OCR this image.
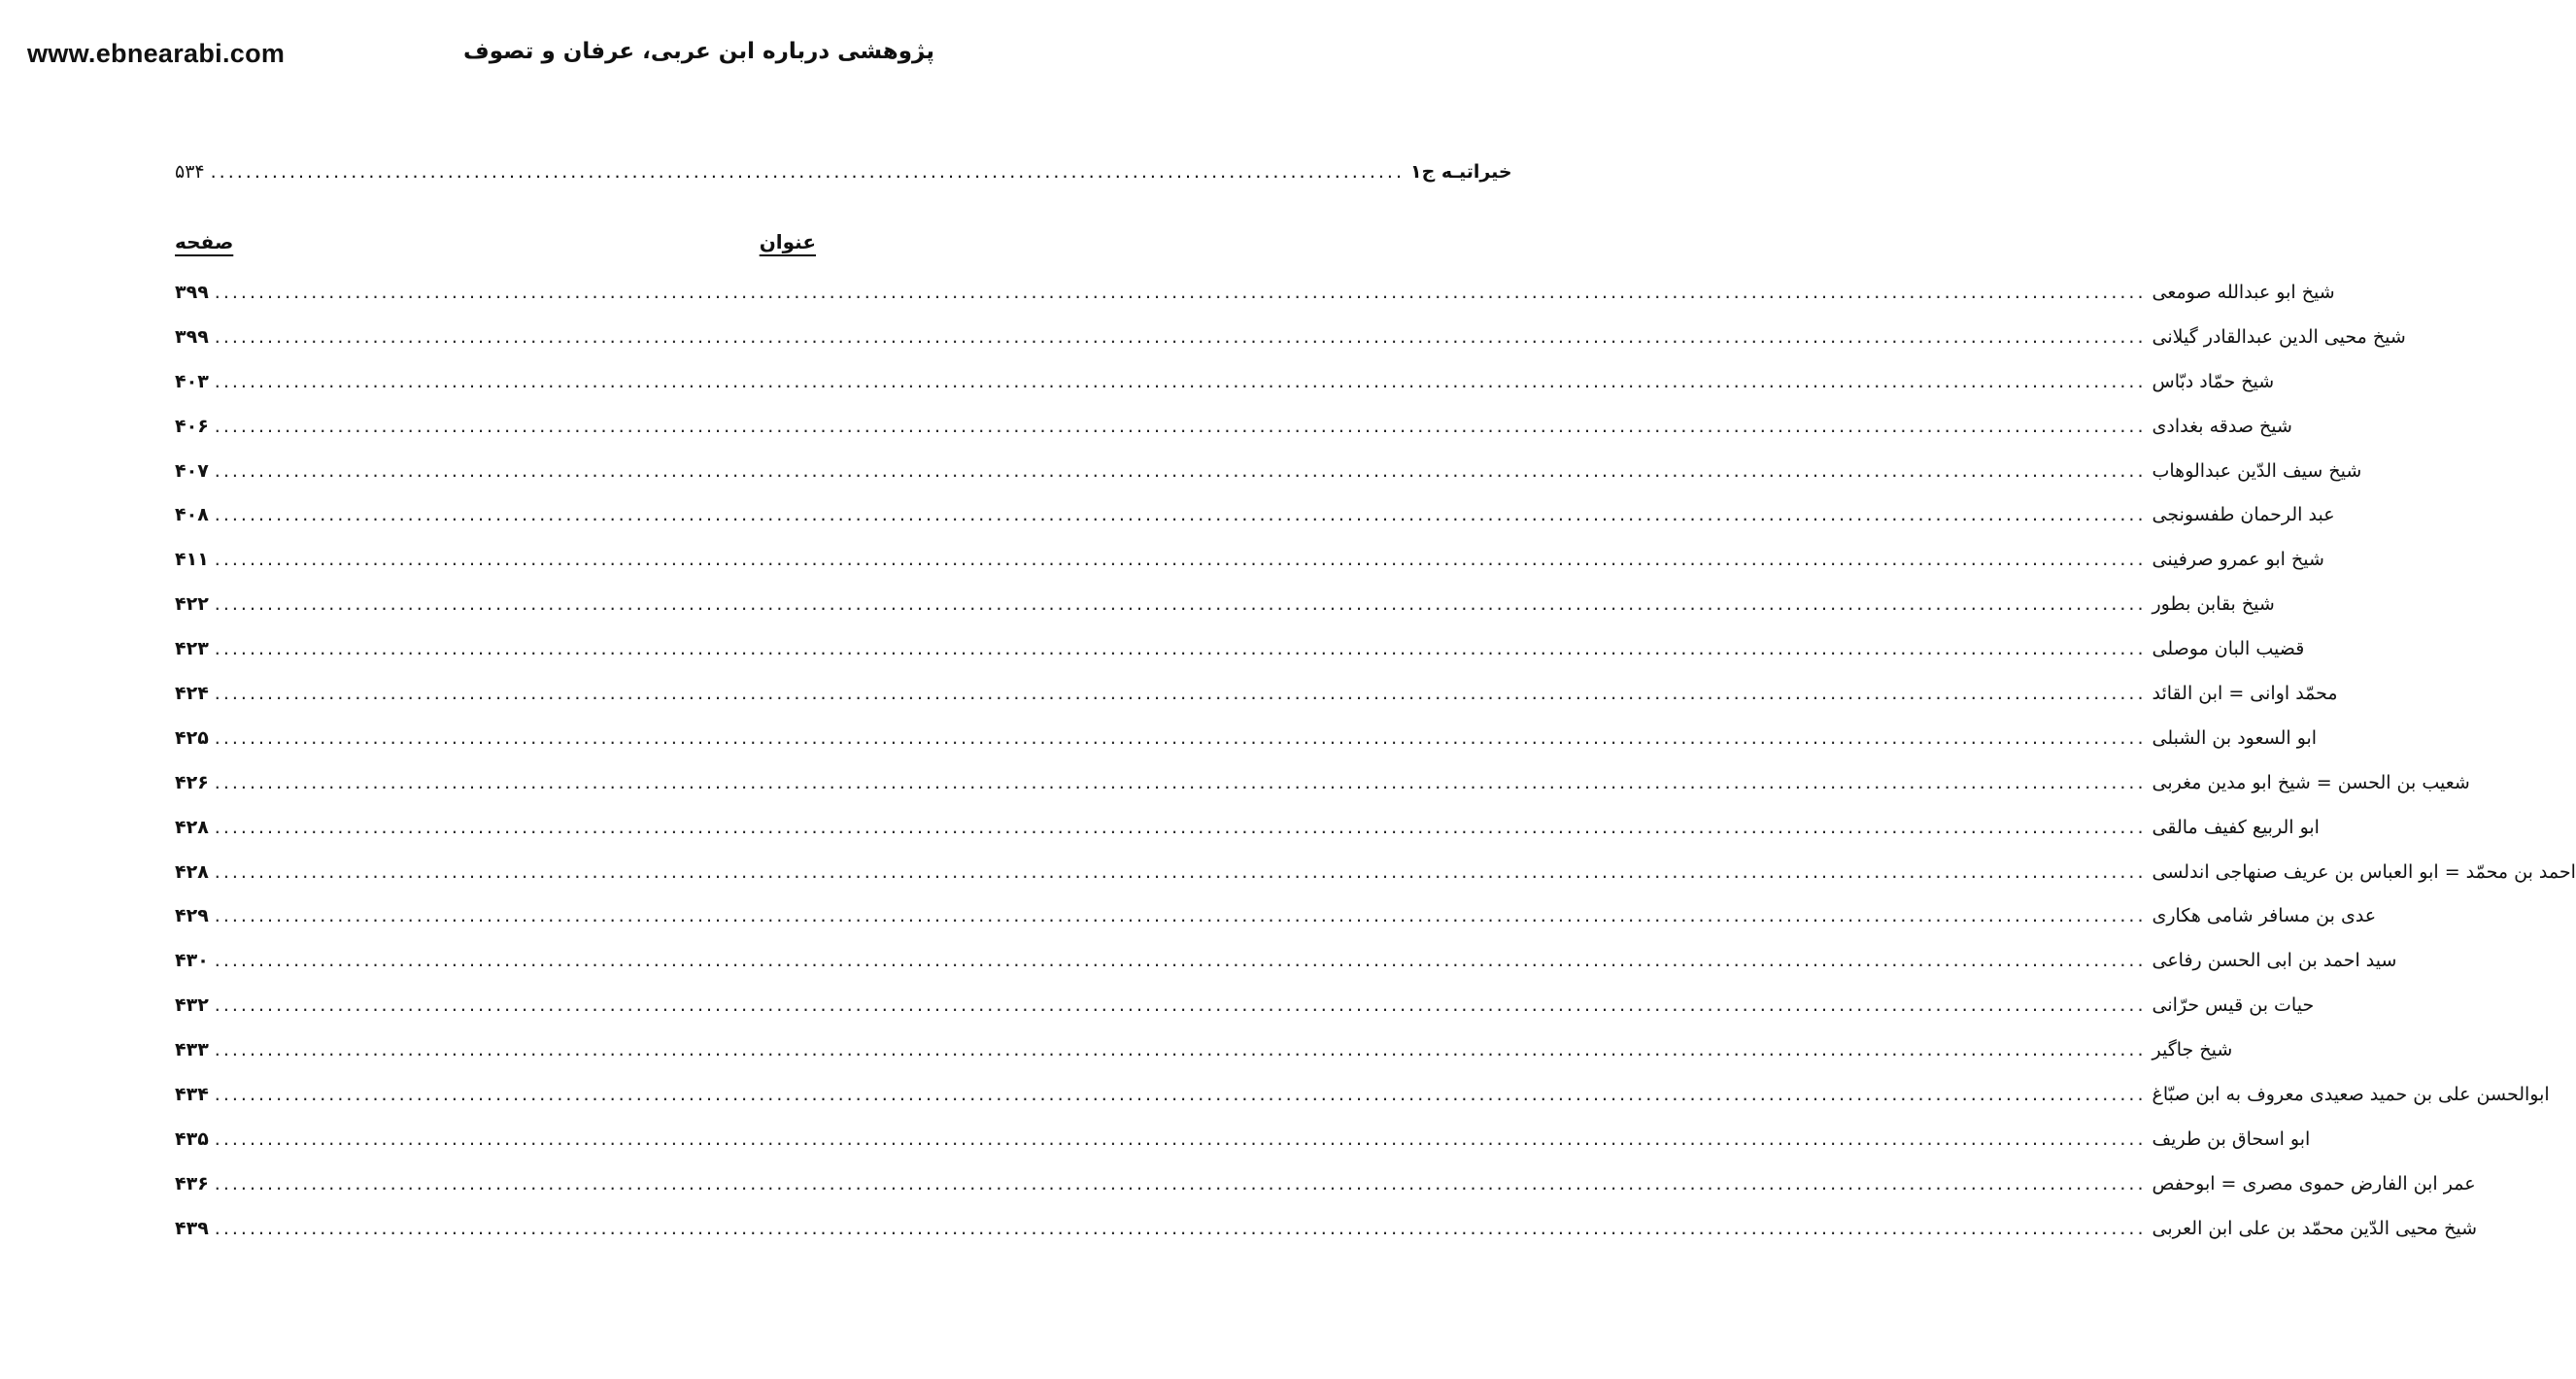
www.ebnearabi.com	پژوهشی درباره ابن عربی، عرفان و تصوف
۵۳۴ ........................................................................................................................................ خیراتیـه ج۱
عنوان
صفحه
۳۹۹ ............................................................................................................................................................................................................................ شیخ ابو عبدالله صومعی
۳۹۹ ............................................................................................................................................................................................................................ شیخ محیی الدین عبدالقادر گیلانی
۴۰۳ ............................................................................................................................................................................................................................ شیخ حمّاد دبّاس
۴۰۶ ............................................................................................................................................................................................................................ شیخ صدقه بغدادی
۴۰۷ ............................................................................................................................................................................................................................ شیخ سیف الدّین عبدالوهاب
۴۰۸ ............................................................................................................................................................................................................................ عبد الرحمان طفسونجی
۴۱۱ ............................................................................................................................................................................................................................ شیخ ابو عمرو صرفینی
۴۲۲ ............................................................................................................................................................................................................................ شیخ بقابن بطور
۴۲۳ ............................................................................................................................................................................................................................ قضیب البان موصلی
۴۲۴ ............................................................................................................................................................................................................................ محمّد اوانی = ابن القائد
۴۲۵ ............................................................................................................................................................................................................................ ابو السعود بن الشبلی
۴۲۶ ............................................................................................................................................................................................................................ شعیب بن الحسن = شیخ ابو مدین مغربی
۴۲۸ ............................................................................................................................................................................................................................ ابو الربیع کفیف مالقی
۴۲۸ ............................................................................................................................................................................................................................ احمد بن محمّد = ابو العباس بن عریف صنهاجی اندلسی
۴۲۹ ............................................................................................................................................................................................................................ عدی بن مسافر شامی هکاری
۴۳۰ ............................................................................................................................................................................................................................ سید احمد بن ابی الحسن رفاعی
۴۳۲ ............................................................................................................................................................................................................................ حیات بن قیس حرّانی
۴۳۳ ............................................................................................................................................................................................................................ شیخ جاگیر
۴۳۴ ............................................................................................................................................................................................................................ ابوالحسن علی بن حمید صعیدی معروف به ابن صبّاغ
۴۳۵ ............................................................................................................................................................................................................................ ابو اسحاق بن طریف
۴۳۶ ............................................................................................................................................................................................................................ عمر ابن الفارض حموی مصری = ابوحفص
۴۳۹ ............................................................................................................................................................................................................................ شیخ محیی الدّین محمّد بن علی ابن العربی
